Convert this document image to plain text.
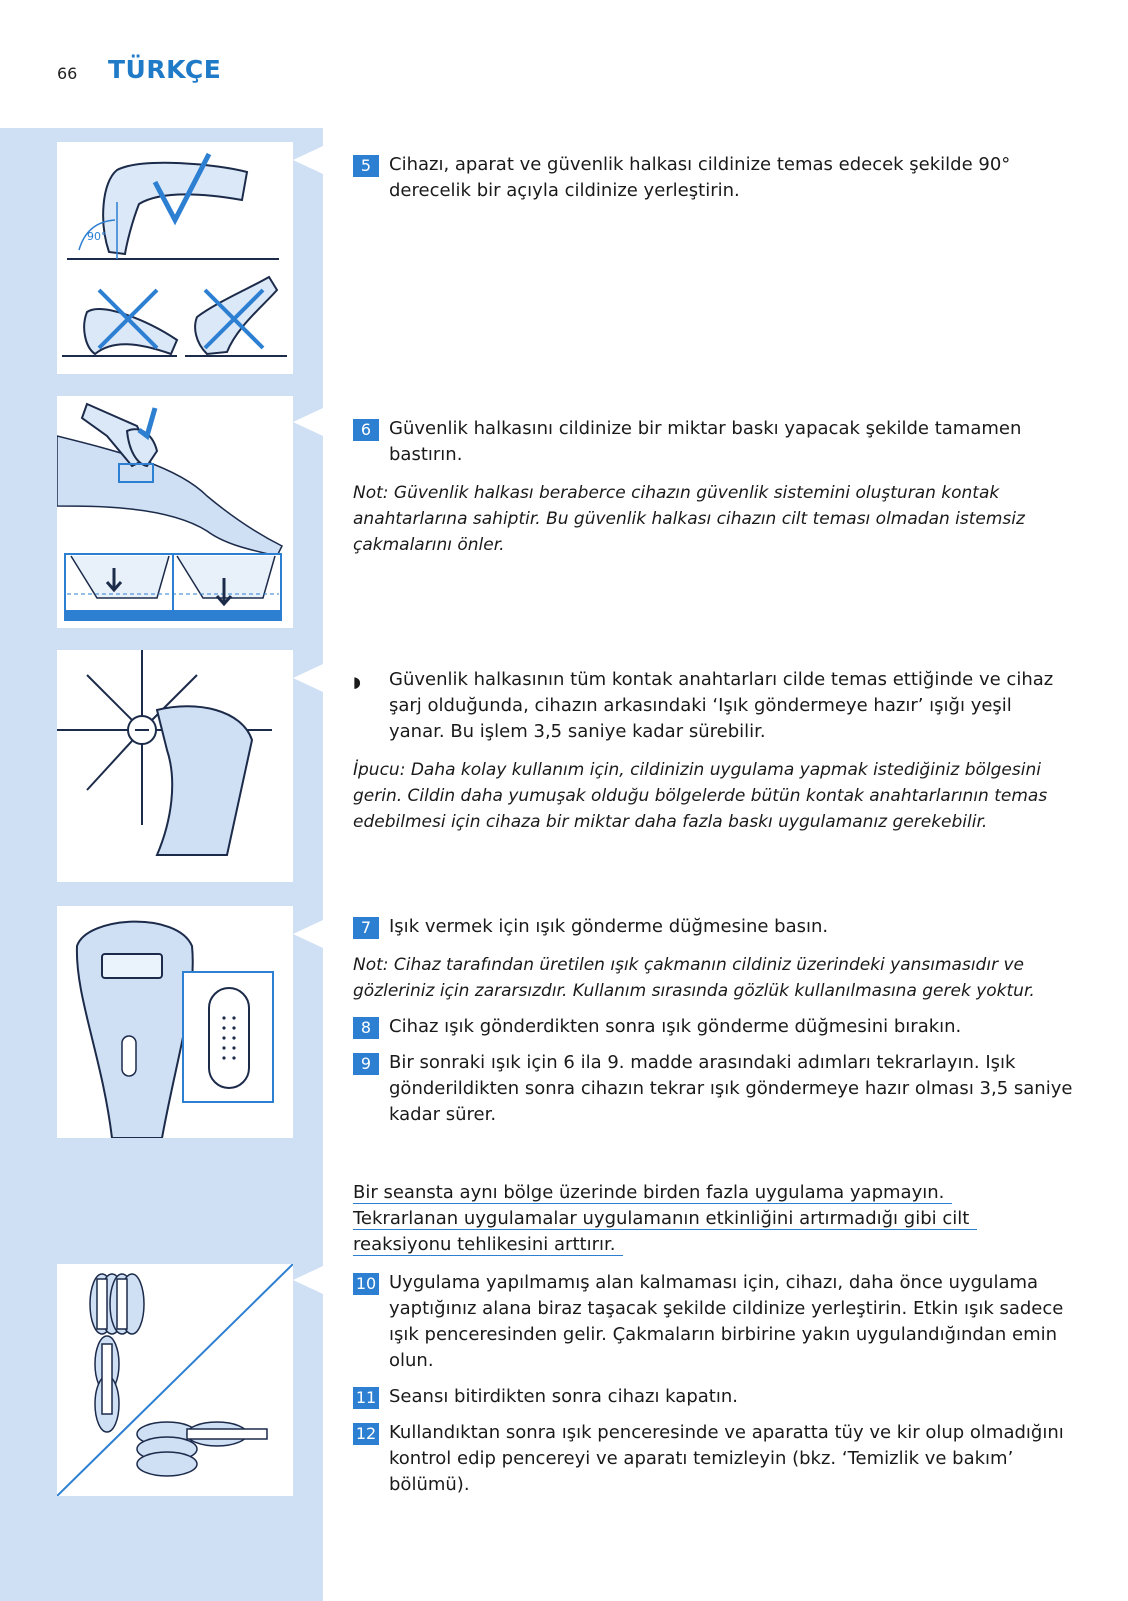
66 TÜRKÇE
90°

5 Cihazı, aparat ve güvenlik halkası cildinize temas edecek şekilde 90° derecelik bir açıyla cildinize yerleştirin.

6 Güvenlik halkasını cildinize bir miktar baskı yapacak şekilde tamamen bastırın.

Not: Güvenlik halkası beraberce cihazın güvenlik sistemini oluşturan kontak anahtarlarına sahiptir. Bu güvenlik halkası cihazın cilt teması olmadan istemsiz çakmalarını önler.

◗ Güvenlik halkasının tüm kontak anahtarları cilde temas ettiğinde ve cihaz şarj olduğunda, cihazın arkasındaki ‘Işık göndermeye hazır’ ışığı yeşil yanar. Bu işlem 3,5 saniye kadar sürebilir.

İpucu: Daha kolay kullanım için, cildinizin uygulama yapmak istediğiniz bölgesini gerin. Cildin daha yumuşak olduğu bölgelerde bütün kontak anahtarlarının temas edebilmesi için cihaza bir miktar daha fazla baskı uygulamanız gerekebilir.

7 Işık vermek için ışık gönderme düğmesine basın.

Not: Cihaz tarafından üretilen ışık çakmanın cildiniz üzerindeki yansımasıdır ve gözleriniz için zararsızdır. Kullanım sırasında gözlük kullanılmasına gerek yoktur.

8 Cihaz ışık gönderdikten sonra ışık gönderme düğmesini bırakın.

9 Bir sonraki ışık için 6 ila 9. madde arasındaki adımları tekrarlayın. Işık gönderildikten sonra cihazın tekrar ışık göndermeye hazır olması 3,5 saniye kadar sürer.

Bir seansta aynı bölge üzerinde birden fazla uygulama yapmayın.

Tekrarlanan uygulamalar uygulamanın etkinliğini artırmadığı gibi cilt

reaksiyonu tehlikesini arttırır.

10 Uygulama yapılmamış alan kalmaması için, cihazı, daha önce uygulama yaptığınız alana biraz taşacak şekilde cildinize yerleştirin. Etkin ışık sadece ışık penceresinden gelir. Çakmaların birbirine yakın uygulandığından emin olun.

11 Seansı bitirdikten sonra cihazı kapatın.

12 Kullandıktan sonra ışık penceresinde ve aparatta tüy ve kir olup olmadığını kontrol edip pencereyi ve aparatı temizleyin (bkz. ‘Temizlik ve bakım’ bölümü).
